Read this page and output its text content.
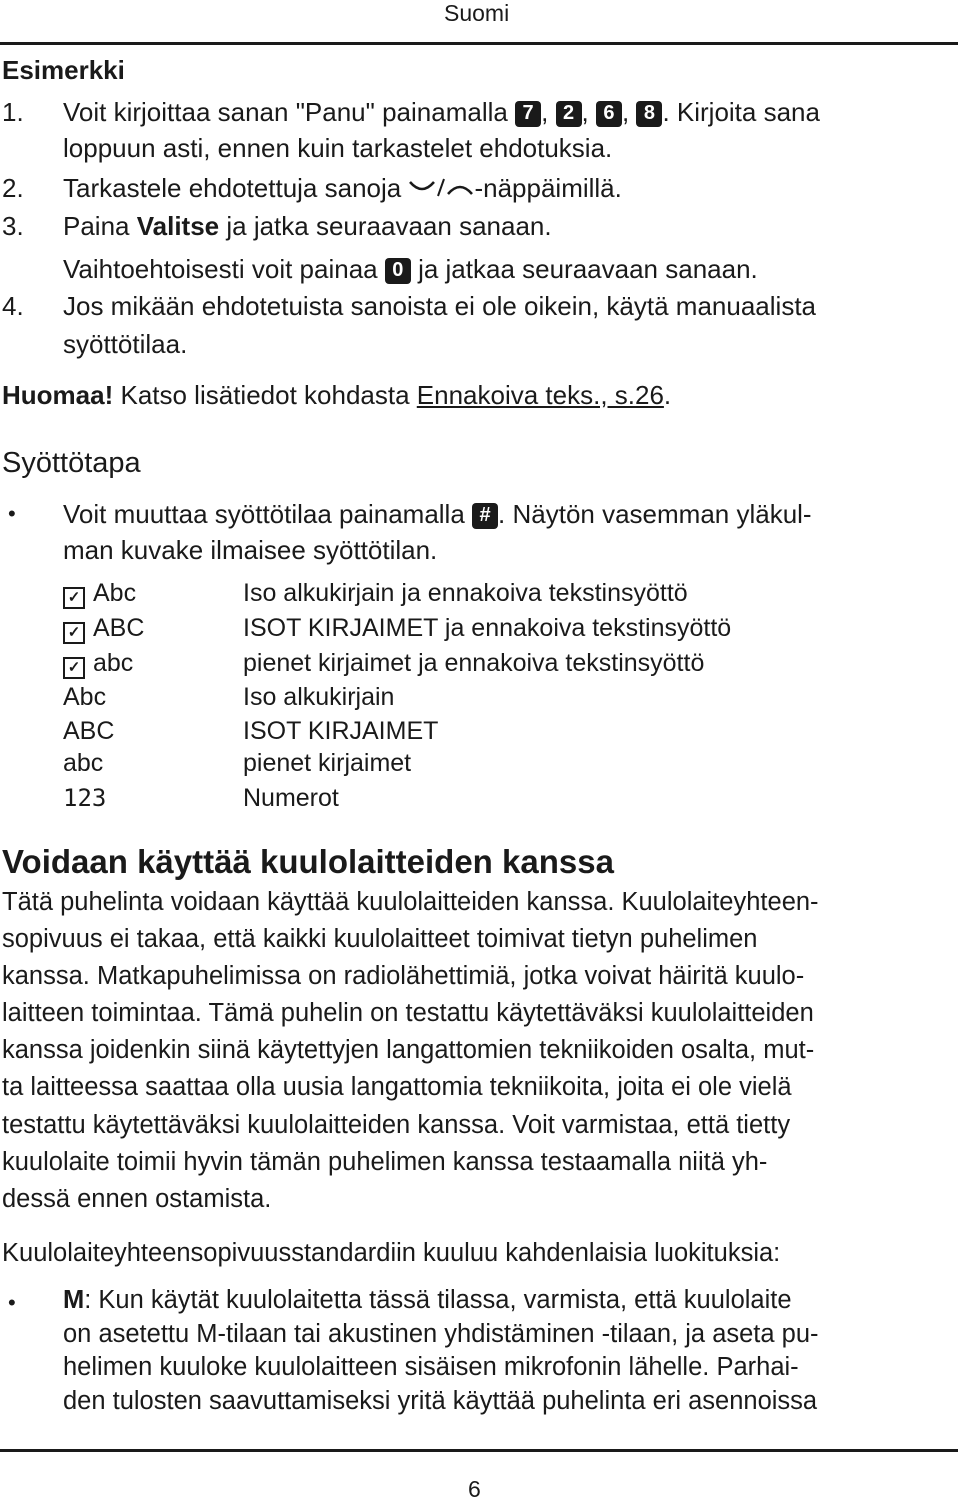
Suomi
Esimerkki
1. Voit kirjoittaa sanan "Panu" painamalla 7 , 2 , 6 , 8 . Kirjoita sana
loppuun asti, ennen kuin tarkastelet ehdotuksia.
2. Tarkastele ehdotettuja sanoja	-näppäimillä.
3. Paina Valitse ja jatka seuraavaan sanaan.
Vaihtoehtoisesti voit painaa 0 ja jatkaa seuraavaan sanaan.
4. Jos mikään ehdotetuista sanoista ei ole oikein, käytä manuaalista
syöttötilaa.
Huomaa! Katso lisätiedot kohdasta Ennakoiva teks., s.26.
Syöttötapa
• Voit muuttaa syöttötilaa painamalla # . Näytön vasemman yläkul-
man kuvake ilmaisee syöttötilan.
✓ Abc	Iso alkukirjain ja ennakoiva tekstinsyöttö
✓ ABC	ISOT KIRJAIMET ja ennakoiva tekstinsyöttö
✓ abc	pienet kirjaimet ja ennakoiva tekstinsyöttö
Abc	Iso alkukirjain
ABC	ISOT KIRJAIMET
abc	pienet kirjaimet
123	Numerot
Voidaan käyttää kuulolaitteiden kanssa
Tätä puhelinta voidaan käyttää kuulolaitteiden kanssa. Kuulolaiteyhteen-
sopivuus ei takaa, että kaikki kuulolaitteet toimivat tietyn puhelimen
kanssa. Matkapuhelimissa on radiolähettimiä, jotka voivat häiritä kuulo-
laitteen toimintaa. Tämä puhelin on testattu käytettäväksi kuulolaitteiden
kanssa joidenkin siinä käytettyjen langattomien tekniikoiden osalta, mut-
ta laitteessa saattaa olla uusia langattomia tekniikoita, joita ei ole vielä
testattu käytettäväksi kuulolaitteiden kanssa. Voit varmistaa, että tietty
kuulolaite toimii hyvin tämän puhelimen kanssa testaamalla niitä yh-
dessä ennen ostamista.
Kuulolaiteyhteensopivuusstandardiin kuuluu kahdenlaisia luokituksia:
• M: Kun käytät kuulolaitetta tässä tilassa, varmista, että kuulolaite
on asetettu M-tilaan tai akustinen yhdistäminen -tilaan, ja aseta pu-
helimen kuuloke kuulolaitteen sisäisen mikrofonin lähelle. Parhai-
den tulosten saavuttamiseksi yritä käyttää puhelinta eri asennoissa
6
